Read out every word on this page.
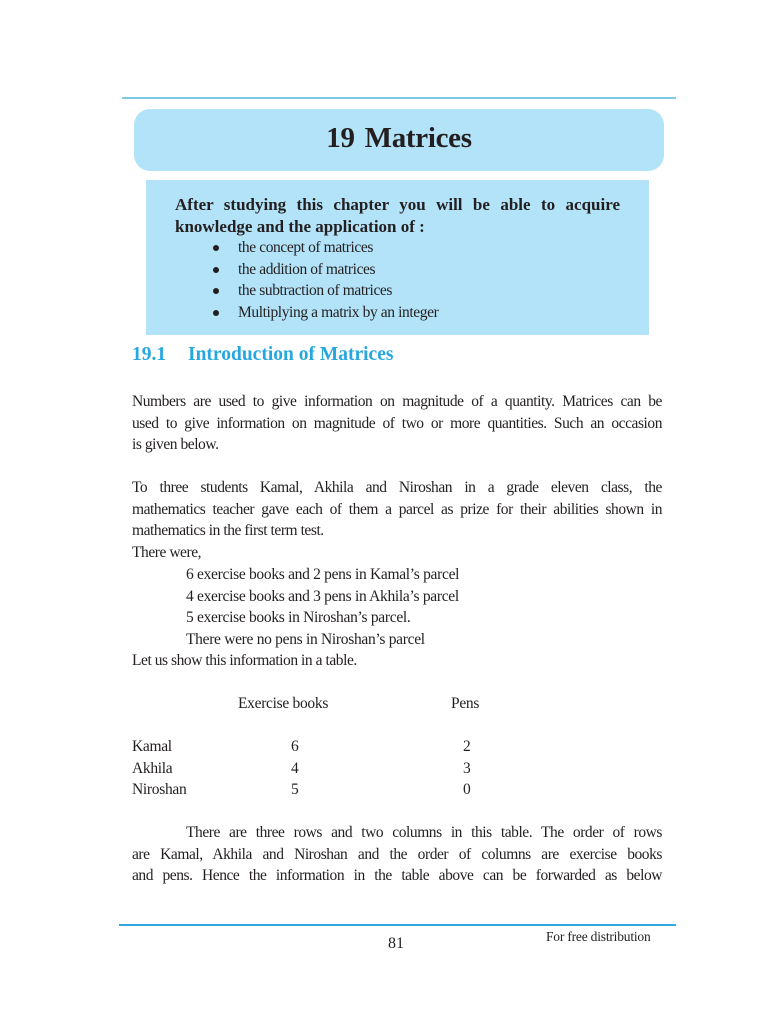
19 Matrices
After studying this chapter you will be able to acquire
knowledge and the application of :
the concept of matrices
the addition of matrices
the subtraction of matrices
Multiplying a matrix by an integer
19.1 Introduction of Matrices
Numbers are used to give information on magnitude of a quantity. Matrices can be
used to give information on magnitude of two or more quantities. Such an occasion
is given below.
To three students Kamal, Akhila and Niroshan in a grade eleven class, the
mathematics teacher gave each of them a parcel as prize for their abilities shown in
mathematics in the first term test.
There were,
6 exercise books and 2 pens in Kamal’s parcel
4 exercise books and 3 pens in Akhila’s parcel
5 exercise books in Niroshan’s parcel.
There were no pens in Niroshan’s parcel
Let us show this information in a table.
Exercise books	Pens
Kamal	6	2
Akhila	4	3
Niroshan	5	0
There are three rows and two columns in this table. The order of rows
are Kamal, Akhila and Niroshan and the order of columns are exercise books
and pens. Hence the information in the table above can be forwarded as below
81	For free distribution
